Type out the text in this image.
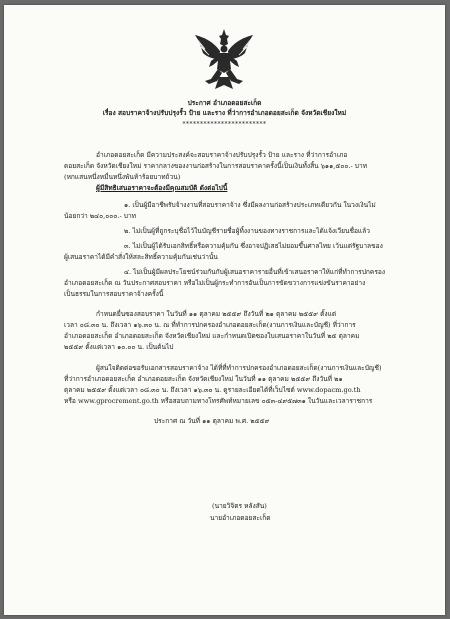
ประกาศ อำเภอดอยสะเก็ด
เรื่อง สอบราคาจ้างปรับปรุงรั้ว ป้าย และราง ที่ว่าการอำเภอดอยสะเก็ด จังหวัดเชียงใหม่
************************
อำเภอดอยสะเก็ด มีความประสงค์จะสอบราคาจ้างปรับปรุงรั้ว ป้าย และราง ที่ว่าการอำเภอ
ดอยสะเก็ด จังหวัดเชียงใหม่ ราคากลางของงานก่อสร้างในการสอบราคาครั้งนี้เป็นเงินทั้งสิ้น ๖๑๑,๕๐๐.- บาท
(หกแสนหนึ่งหมื่นหนึ่งพันห้าร้อยบาทถ้วน)
ผู้มีสิทธิเสนอราคาจะต้องมีคุณสมบัติ ดังต่อไปนี้
๑. เป็นผู้มีอาชีพรับจ้างงานที่สอบราคาจ้าง ซึ่งมีผลงานก่อสร้างประเภทเดียวกัน ในวงเงินไม่
น้อยกว่า ๒๔๐,๐๐๐.- บาท
๒. ไม่เป็นผู้ที่ถูกระบุชื่อไว้ในบัญชีรายชื่อผู้ทิ้งงานของทางราชการและได้แจ้งเวียนชื่อแล้ว
๓. ไม่เป็นผู้ได้รับเอกสิทธิ์หรือความคุ้มกัน ซึ่งอาจปฏิเสธไม่ยอมขึ้นศาลไทย เว้นแต่รัฐบาลของ
ผู้เสนอราคาได้มีคำสั่งให้สละสิทธิ์ความคุ้มกันเช่นว่านั้น
๔. ไม่เป็นผู้มีผลประโยชน์ร่วมกันกับผู้เสนอราคารายอื่นที่เข้าเสนอราคาให้แก่ที่ทำการปกครอง
อำเภอดอยสะเก็ด ณ วันประกาศสอบราคา หรือไม่เป็นผู้กระทำการอันเป็นการขัดขวางการแข่งขันราคาอย่าง
เป็นธรรมในการสอบราคาจ้างครั้งนี้
กำหนดยื่นซองสอบราคา ในวันที่ ๑๑ ตุลาคม ๒๕๕๙ ถึงวันที่ ๒๑ ตุลาคม ๒๕๕๙ ตั้งแต่
เวลา ๐๘.๓๐ น. ถึงเวลา ๑๖.๓๐ น. ณ ที่ทำการปกครองอำเภอดอยสะเก็ด(งานการเงินและบัญชี) ที่ว่าการ
อำเภอดอยสะเก็ด อำเภอดอยสะเก็ด จังหวัดเชียงใหม่ และกำหนดเปิดซองใบเสนอราคาในวันที่ ๒๕ ตุลาคม
๒๕๕๙ ตั้งแต่เวลา ๑๐.๐๐ น. เป็นต้นไป
ผู้สนใจติดต่อขอรับเอกสารสอบราคาจ้าง ได้ที่ที่ทำการปกครองอำเภอดอยสะเก็ด(งานการเงินและบัญชี)
ที่ว่าการอำเภอดอยสะเก็ด อำเภอดอยสะเก็ด จังหวัดเชียงใหม่ ในวันที่ ๑๑ ตุลาคม ๒๕๕๙ ถึงวันที่ ๒๑
ตุลาคม ๒๕๕๙ ตั้งแต่เวลา ๐๘.๓๐ น. ถึงเวลา ๑๖.๓๐ น. ดูรายละเอียดได้ที่เว็บไซต์ www.dopacm.go.th
หรือ www.gprocrement.go.th หรือสอบถามทางโทรศัพท์หมายเลข ๐๕๓-๔๙๕๗๓๑ ในวันและเวลาราชการ
ประกาศ ณ วันที่ ๑๑ ตุลาคม พ.ศ. ๒๕๕๙
(นายวิจิตร หลังสัน)
นายอำเภอดอยสะเก็ด
